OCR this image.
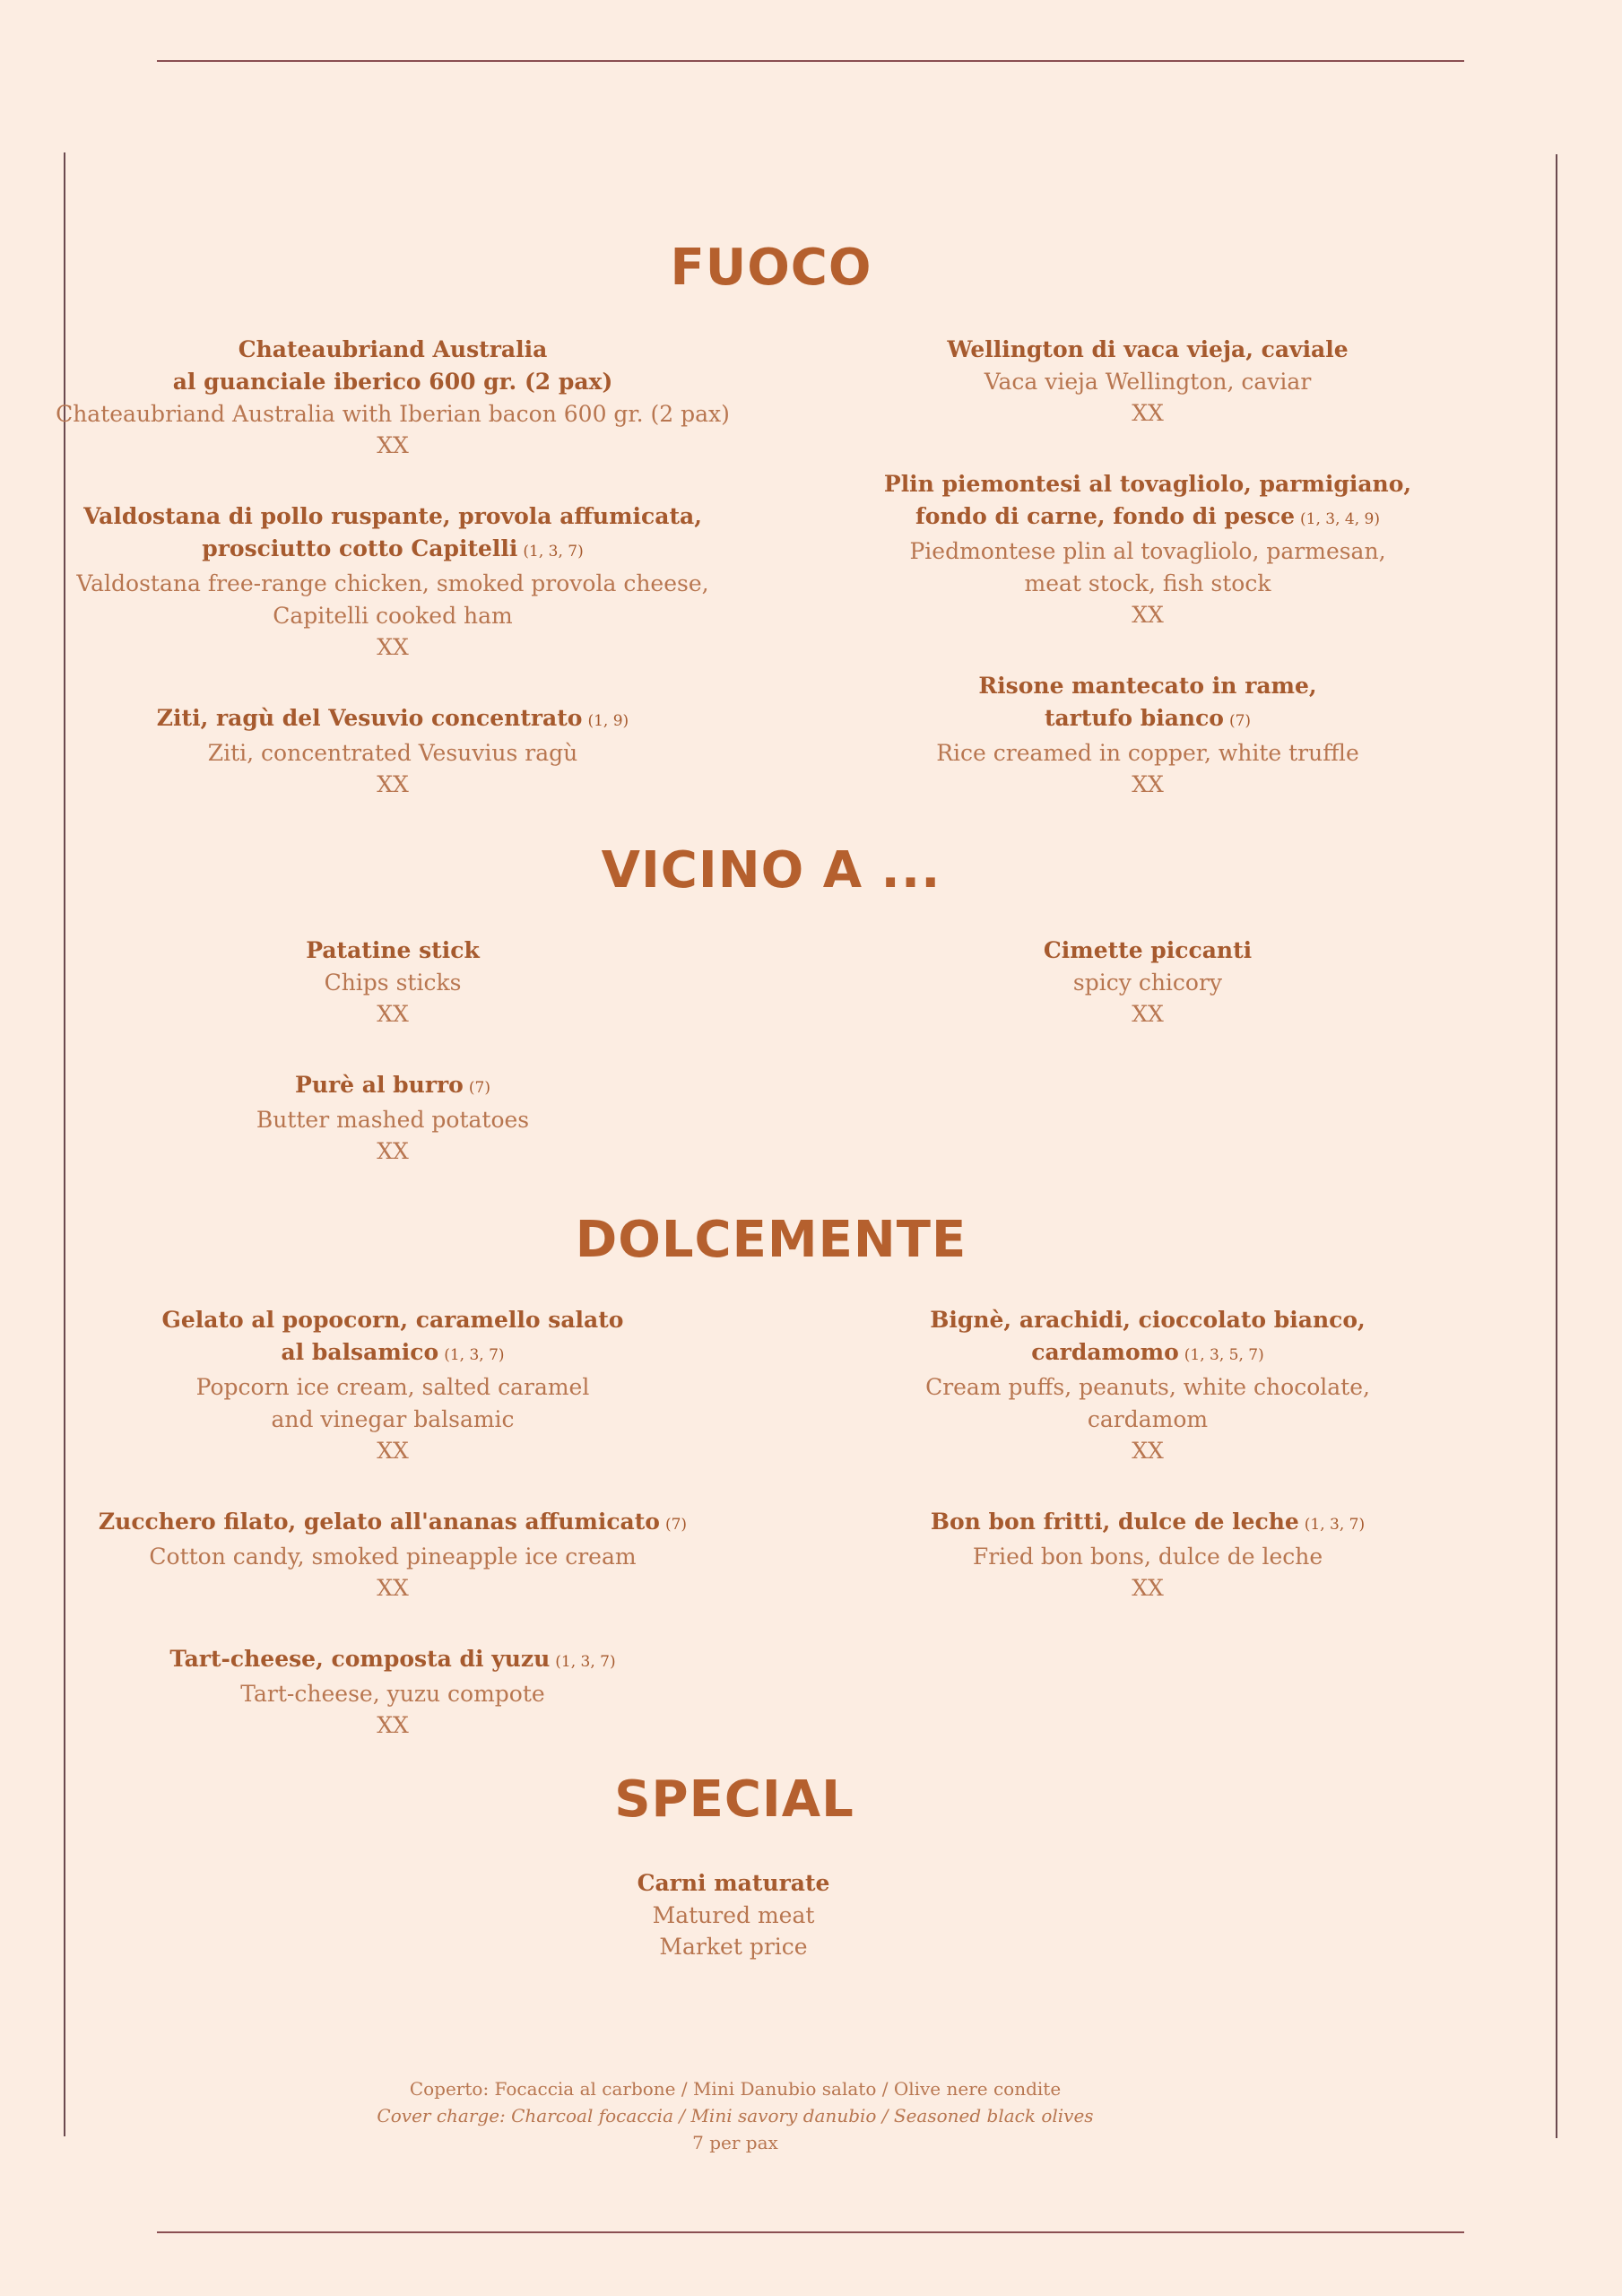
FUOCO
Chateaubriand Australia
al guanciale iberico 600 gr. (2 pax)
Chateaubriand Australia with Iberian bacon 600 gr. (2 pax)
XX
Valdostana di pollo ruspante, provola affumicata,
prosciutto cotto Capitelli (1, 3, 7)
Valdostana free-range chicken, smoked provola cheese,
Capitelli cooked ham
XX
Ziti, ragù del Vesuvio concentrato (1, 9)
Ziti, concentrated Vesuvius ragù
XX
Wellington di vaca vieja, caviale
Vaca vieja Wellington, caviar
XX
Plin piemontesi al tovagliolo, parmigiano,
fondo di carne, fondo di pesce (1, 3, 4, 9)
Piedmontese plin al tovagliolo, parmesan,
meat stock, fish stock
XX
Risone mantecato in rame,
tartufo bianco (7)
Rice creamed in copper, white truffle
XX
VICINO A ...
Patatine stick
Chips sticks
XX
Purè al burro (7)
Butter mashed potatoes
XX
Cimette piccanti
spicy chicory
XX
DOLCEMENTE
Gelato al popocorn, caramello salato
al balsamico (1, 3, 7)
Popcorn ice cream, salted caramel
and vinegar balsamic
XX
Zucchero filato, gelato all'ananas affumicato (7)
Cotton candy, smoked pineapple ice cream
XX
Tart-cheese, composta di yuzu (1, 3, 7)
Tart-cheese, yuzu compote
XX
Bignè, arachidi, cioccolato bianco,
cardamomo (1, 3, 5, 7)
Cream puffs, peanuts, white chocolate,
cardamom
XX
Bon bon fritti, dulce de leche (1, 3, 7)
Fried bon bons, dulce de leche
XX
SPECIAL
Carni maturate
Matured meat
Market price
Coperto: Focaccia al carbone / Mini Danubio salato / Olive nere condite
Cover charge: Charcoal focaccia / Mini savory danubio / Seasoned black olives
7 per pax
